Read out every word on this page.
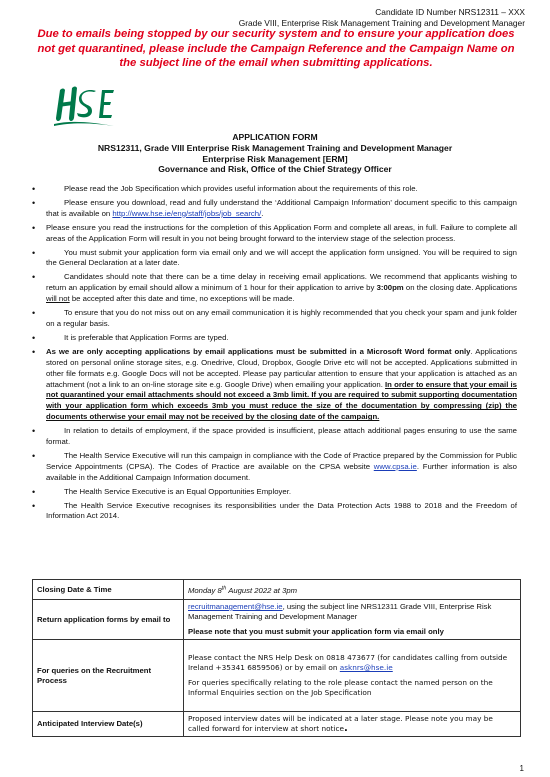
Candidate ID Number NRS12311 – XXX
Grade VIII, Enterprise Risk Management Training and Development Manager
Due to emails being stopped by our security system and to ensure your application does not get quarantined, please include the Campaign Reference and the Campaign Name on the subject line of the email when submitting applications.
APPLICATION FORM
NRS12311, Grade VIII Enterprise Risk Management Training and Development Manager
Enterprise Risk Management [ERM]
Governance and Risk, Office of the Chief Strategy Officer
• Please read the Job Specification which provides useful information about the requirements of this role.
• Please ensure you download, read and fully understand the ‘Additional Campaign Information’ document specific to this campaign that is available on http://www.hse.ie/eng/staff/jobs/job_search/.
• Please ensure you read the instructions for the completion of this Application Form and complete all areas, in full. Failure to complete all areas of the Application Form will result in you not being brought forward to the interview stage of the selection process.
• You must submit your application form via email only and we will accept the application form unsigned. You will be required to sign the General Declaration at a later date.
• Candidates should note that there can be a time delay in receiving email applications. We recommend that applicants wishing to return an application by email should allow a minimum of 1 hour for their application to arrive by 3:00pm on the closing date. Applications will not be accepted after this date and time, no exceptions will be made.
• To ensure that you do not miss out on any email communication it is highly recommended that you check your spam and junk folder on a regular basis.
• It is preferable that Application Forms are typed.
• As we are only accepting applications by email applications must be submitted in a Microsoft Word format only. Applications stored on personal online storage sites, e.g. Onedrive, Cloud, Dropbox, Google Drive etc will not be accepted. Applications submitted in other file formats e.g. Google Docs will not be accepted. Please pay particular attention to ensure that your application is attached as an attachment (not a link to an on-line storage site e.g. Google Drive) when emailing your application. In order to ensure that your email is not quarantined your email attachments should not exceed a 3mb limit. If you are required to submit supporting documentation with your application form which exceeds 3mb you must reduce the size of the documentation by compressing (zip) the documents otherwise your email may not be received by the closing date of the campaign.
• In relation to details of employment, if the space provided is insufficient, please attach additional pages ensuring to use the same format.
• The Health Service Executive will run this campaign in compliance with the Code of Practice prepared by the Commission for Public Service Appointments (CPSA). The Codes of Practice are available on the CPSA website www.cpsa.ie. Further information is also available in the Additional Campaign Information document.
• The Health Service Executive is an Equal Opportunities Employer.
• The Health Service Executive recognises its responsibilities under the Data Protection Acts 1988 to 2018 and the Freedom of Information Act 2014.
Closing Date & Time	Monday 8th August 2022 at 3pm
Return application forms by email to	recruitmanagement@hse.ie, using the subject line NRS12311 Grade VIII, Enterprise Risk Management Training and Development Manager
Please note that you must submit your application form via email only

For queries on the Recruitment Process	Please contact the NRS Help Desk on 0818 473677 (for candidates calling from outside Ireland +35341 6859506) or by email on asknrs@hse.ie
For queries specifically relating to the role please contact the named person on the Informal Enquiries section on the Job Specification

Anticipated Interview Date(s)	Proposed interview dates will be indicated at a later stage. Please note you may be called forward for interview at short notice.
1
